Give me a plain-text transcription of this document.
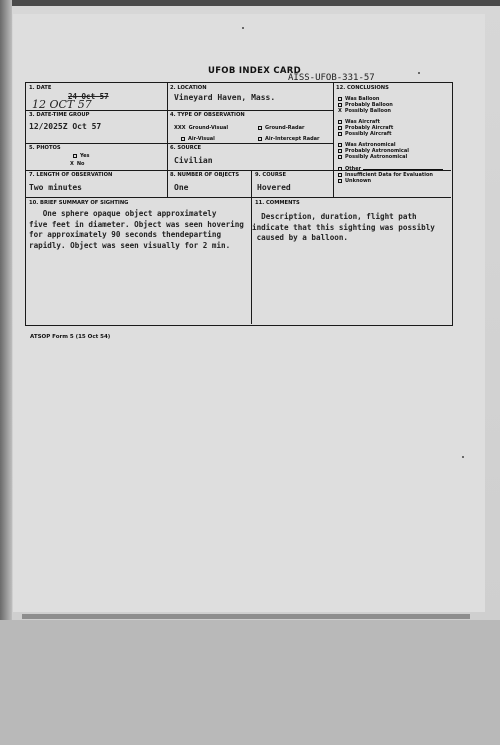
UFOB INDEX CARD
AISS-UFOB-331-57
1. DATE
24 Oct 57
12 OCT 57
2. LOCATION
Vineyard Haven, Mass.
3. DATE-TIME GROUP
12/2025Z Oct 57
4. TYPE OF OBSERVATION
XXX Ground-Visual	Ground-Radar
Air-Visual	Air-Intercept Radar
5. PHOTOS
Yes
X No
6. SOURCE
Civilian
7. LENGTH OF OBSERVATION
Two minutes
8. NUMBER OF OBJECTS
One
9. COURSE
Hovered
10. BRIEF SUMMARY OF SIGHTING
One sphere opaque object approximately
five feet in diameter. Object was seen hovering
for approximately 90 seconds thendeparting
rapidly. Object was seen visually for 2 min.
11. COMMENTS
Description, duration, flight path
indicate that this sighting was possibly
caused by a balloon.
12. CONCLUSIONS
Was Balloon
Probably Balloon
X Possibly Balloon
Was Aircraft
Probably Aircraft
Possibly Aircraft
Was Astronomical
Probably Astronomical
Possibly Astronomical
Other
Insufficient Data for Evaluation
Unknown
ATSOP Form 5 (15 Oct 54)
